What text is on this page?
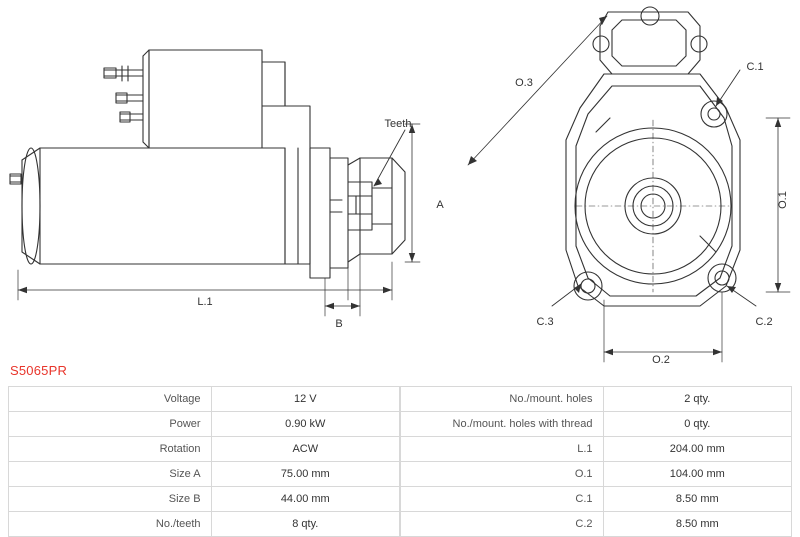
Teeth
L.1
A
B
O.3
O.1
O.2
C.1
C.2
C.3
S5065PR
Voltage	12 V
Power	0.90 kW
Rotation	ACW
Size A	75.00 mm
Size B	44.00 mm
No./teeth	8 qty.
No./mount. holes	2 qty.
No./mount. holes with thread	0 qty.
L.1	204.00 mm
O.1	104.00 mm
C.1	8.50 mm
C.2	8.50 mm
